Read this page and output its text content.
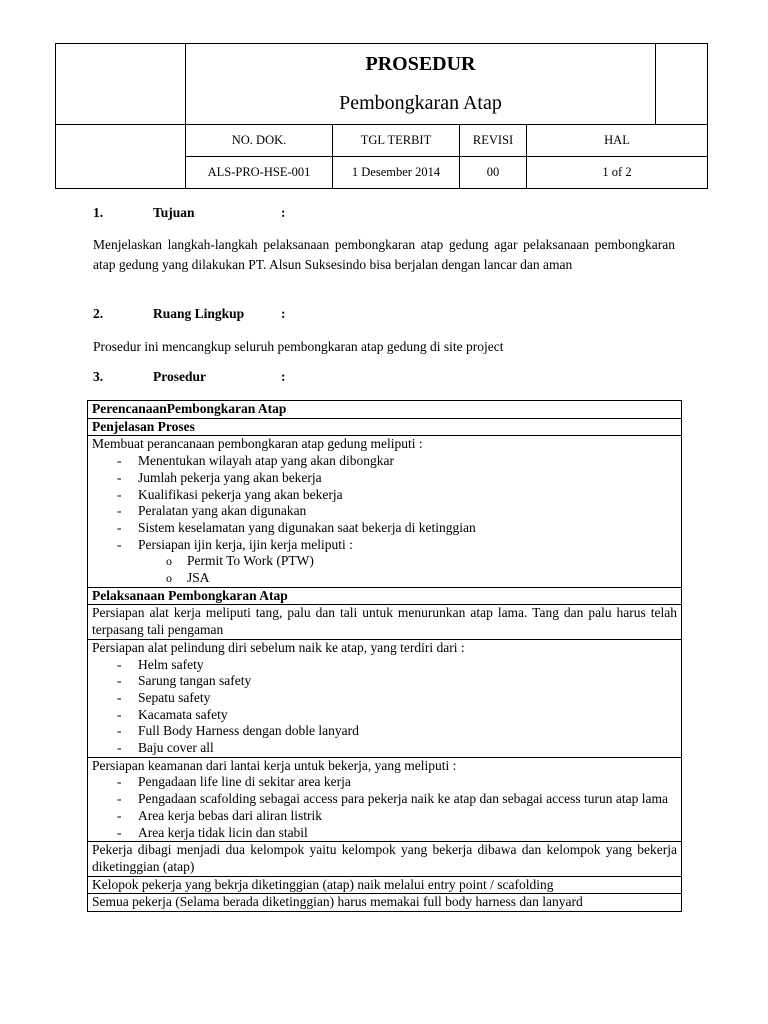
	PROSEDUR
Pembongkaran Atap				

	NO. DOK.	TGL TERBIT	REVISI	HAL	
	ALS-PRO-HSE-001	1 Desember 2014	00	1 of 2	
1.	Tujuan	:
Menjelaskan langkah-langkah pelaksanaan pembongkaran atap gedung agar pelaksanaan pembongkaran atap gedung yang dilakukan PT. Alsun Suksesindo bisa berjalan dengan lancar dan aman
2.	Ruang Lingkup	:
Prosedur ini mencangkup seluruh pembongkaran atap gedung di site project
3.	Prosedur	:
PerencanaanPembongkaran Atap
Penjelasan Proses

Membuat perancanaan pembongkaran atap gedung meliputi :
- Menentukan wilayah atap yang akan dibongkar
- Jumlah pekerja yang akan bekerja
- Kualifikasi pekerja yang akan bekerja
- Peralatan yang akan digunakan
- Sistem keselamatan yang digunakan saat bekerja di ketinggian
- Persiapan ijin kerja, ijin kerja meliputi :
o Permit To Work (PTW)
o JSA

Pelaksanaan Pembongkaran Atap
Persiapan alat kerja meliputi tang, palu dan tali untuk menurunkan atap lama. Tang dan palu harus telah terpasang tali pengaman

Persiapan alat pelindung diri sebelum naik ke atap, yang terdiri dari :
- Helm safety
- Sarung tangan safety
- Sepatu safety
- Kacamata safety
- Full Body Harness dengan doble lanyard
- Baju cover all

Persiapan keamanan dari lantai kerja untuk bekerja, yang meliputi :
- Pengadaan life line di sekitar area kerja
- Pengadaan scafolding sebagai access para pekerja naik ke atap dan sebagai access turun atap lama
- Area kerja bebas dari aliran listrik
- Area kerja tidak licin dan stabil

Pekerja dibagi menjadi dua kelompok yaitu kelompok yang bekerja dibawa dan kelompok yang bekerja diketinggian (atap)
Kelopok pekerja yang bekrja diketinggian (atap) naik melalui entry point / scafolding
Semua pekerja (Selama berada diketinggian) harus memakai full body harness dan lanyard
